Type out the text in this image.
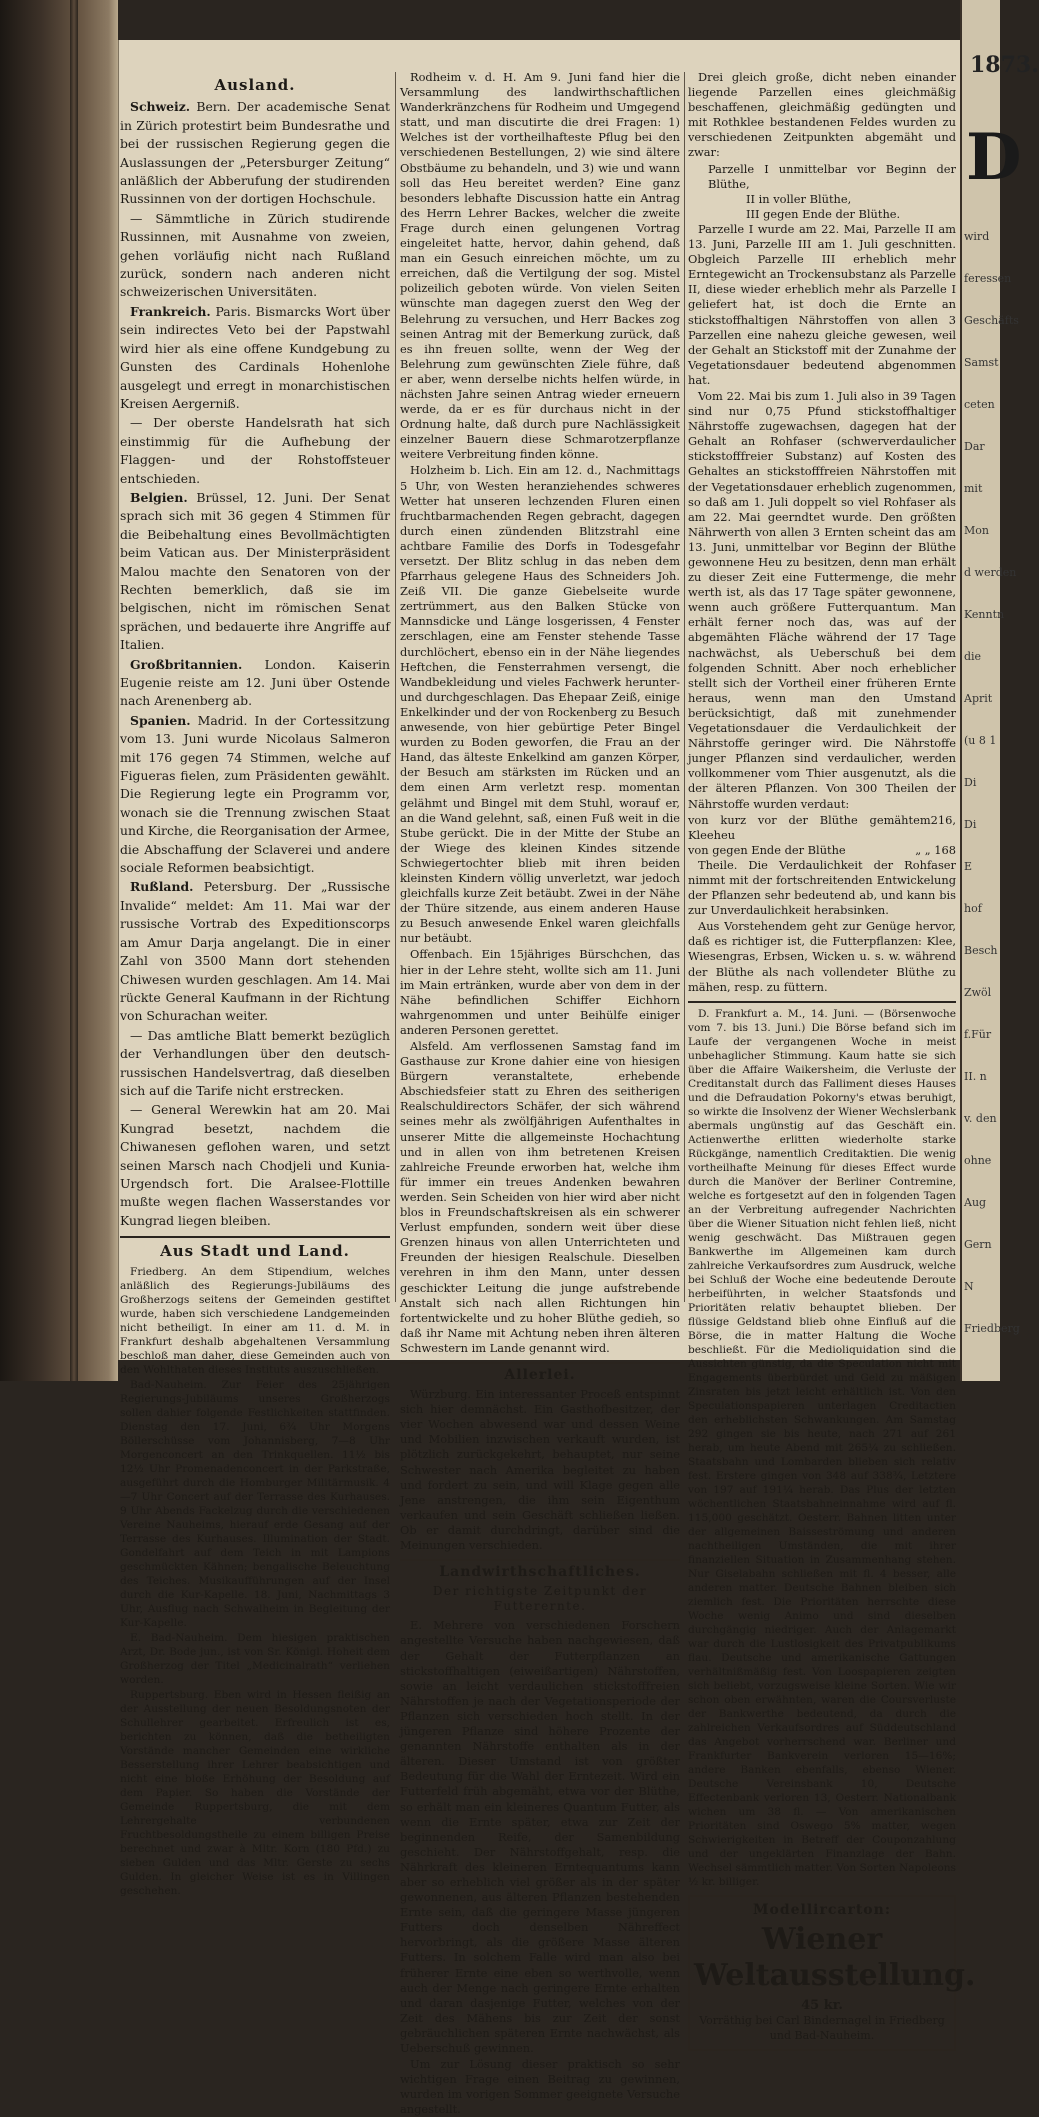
1873.
D
wird
feressen
Geschäfts
Samst
ceten
Dar
mit
Mon
d werden
Kenntn
die
Aprit
(u 8 1
Di
Di
E
hof
Besch
Zwöl
f.Für
II. n
v. den
ohne
Aug
Gern
N
Friedberg
Ausland.

Schweiz. Bern. Der academische Senat in Zürich protestirt beim Bundesrathe und bei der russischen Regierung gegen die Auslassungen der „Petersburger Zeitung“ anläßlich der Abberufung der studirenden Russinnen von der dortigen Hochschule.

— Sämmtliche in Zürich studirende Russinnen, mit Ausnahme von zweien, gehen vorläufig nicht nach Rußland zurück, sondern nach anderen nicht schweizerischen Universitäten.

Frankreich. Paris. Bismarcks Wort über sein indirectes Veto bei der Papstwahl wird hier als eine offene Kundgebung zu Gunsten des Cardinals Hohenlohe ausgelegt und erregt in monarchistischen Kreisen Aergerniß.

— Der oberste Handelsrath hat sich einstimmig für die Aufhebung der Flaggen- und der Rohstoffsteuer entschieden.

Belgien. Brüssel, 12. Juni. Der Senat sprach sich mit 36 gegen 4 Stimmen für die Beibehaltung eines Bevollmächtigten beim Vatican aus. Der Ministerpräsident Malou machte den Senatoren von der Rechten bemerklich, daß sie im belgischen, nicht im römischen Senat sprächen, und bedauerte ihre Angriffe auf Italien.

Großbritannien. London. Kaiserin Eugenie reiste am 12. Juni über Ostende nach Arenenberg ab.

Spanien. Madrid. In der Cortessitzung vom 13. Juni wurde Nicolaus Salmeron mit 176 gegen 74 Stimmen, welche auf Figueras fielen, zum Präsidenten gewählt. Die Regierung legte ein Programm vor, wonach sie die Trennung zwischen Staat und Kirche, die Reorganisation der Armee, die Abschaffung der Sclaverei und andere sociale Reformen beabsichtigt.

Rußland. Petersburg. Der „Russische Invalide“ meldet: Am 11. Mai war der russische Vortrab des Expeditionscorps am Amur Darja angelangt. Die in einer Zahl von 3500 Mann dort stehenden Chiwesen wurden geschlagen. Am 14. Mai rückte General Kaufmann in der Richtung von Schurachan weiter.

— Das amtliche Blatt bemerkt bezüglich der Verhandlungen über den deutsch-russischen Handelsvertrag, daß dieselben sich auf die Tarife nicht erstrecken.

— General Werewkin hat am 20. Mai Kungrad besetzt, nachdem die Chiwanesen geflohen waren, und setzt seinen Marsch nach Chodjeli und Kunia-Urgendsch fort. Die Aralsee-Flottille mußte wegen flachen Wasserstandes vor Kungrad liegen bleiben.

Aus Stadt und Land.

Friedberg. An dem Stipendium, welches anläßlich des Regierungs-Jubiläums des Großherzogs seitens der Gemeinden gestiftet wurde, haben sich verschiedene Landgemeinden nicht betheiligt. In einer am 11. d. M. in Frankfurt deshalb abgehaltenen Versammlung beschloß man daher, diese Gemeinden auch von den Wohlthaten dieses Instituts auszuschließen.

Bad-Nauheim. Zur Feier des 25jährigen Regierungs-Jubiläums unseres Großherzogs sollen dahier folgende Festlichkeiten stattfinden. Dienstag den 17. Juni, 6¾ Uhr Morgens Böllerschüsse vom Johannisberg, 7—8 Uhr Morgenconcert an den Trinkquellen. 11½ bis 12½ Uhr Promenadenconcert in der Parkstraße, ausgeführt durch die Homburger Militärmusik. 4—7 Uhr Concert auf der Terrasse des Kurhauses. 9 Uhr Abends Fackelzug durch die verschiedenen Vereine Nauheims, hierauf erde Gesang auf der Terrasse des Kurhauses. Illumination der Stadt. Gondelfahrt auf dem Teich in mit Lampions geschmückten Kähnen; bengalische Beleuchtung des Teiches. Musikaufführungen auf der Insel durch die Kur-Kapelle. 18. Juni, Nachmittags 3 Uhr, Ausflug nach Schwalheim in Begleitung der Kur-Kapelle.

E. Bad-Nauheim. Dem hiesigen praktischen Arzt, Dr. Bode jun., ist von Sr. Königl. Hoheit dem Großherzog der Titel „Medicinalrath“ verliehen worden.

Ruppertsburg. Eben wird in Hessen fleißig an der Ausstellung der neuen Besoldungsnoten der Schullehrer gearbeitet. Erfreulich ist es, berichten zu können, daß die betheiligten Vorstände mancher Gemeinden eine wirkliche Besserstellung ihrer Lehrer beabsichtigen und nicht eine bloße Erhöhung der Besoldung auf dem Papier. So haben die Vorstände der Gemeinde Ruppertsburg, die mit dem Lehrergehalte verbundenen Fruchtbesoldungstheile zu einem billigen Preise berechnet und zwar à Mltr. Korn (180 Pfd.) zu sieben Gulden und das Mltr. Gerste zu sechs Gulden. In gleicher Weise ist es in Villingen geschehen.

Rodheim v. d. H. Am 9. Juni fand hier die Versammlung des landwirthschaftlichen Wanderkränzchens für Rodheim und Umgegend statt, und man discutirte die drei Fragen: 1) Welches ist der vortheilhafteste Pflug bei den verschiedenen Bestellungen, 2) wie sind ältere Obstbäume zu behandeln, und 3) wie und wann soll das Heu bereitet werden? Eine ganz besonders lebhafte Discussion hatte ein Antrag des Herrn Lehrer Backes, welcher die zweite Frage durch einen gelungenen Vortrag eingeleitet hatte, hervor, dahin gehend, daß man ein Gesuch einreichen möchte, um zu erreichen, daß die Vertilgung der sog. Mistel polizeilich geboten würde. Von vielen Seiten wünschte man dagegen zuerst den Weg der Belehrung zu versuchen, und Herr Backes zog seinen Antrag mit der Bemerkung zurück, daß es ihn freuen sollte, wenn der Weg der Belehrung zum gewünschten Ziele führe, daß er aber, wenn derselbe nichts helfen würde, in nächsten Jahre seinen Antrag wieder erneuern werde, da er es für durchaus nicht in der Ordnung halte, daß durch pure Nachlässigkeit einzelner Bauern diese Schmarotzerpflanze weitere Verbreitung finden könne.

Holzheim b. Lich. Ein am 12. d., Nachmittags 5 Uhr, von Westen heranziehendes schweres Wetter hat unseren lechzenden Fluren einen fruchtbarmachenden Regen gebracht, dagegen durch einen zündenden Blitzstrahl eine achtbare Familie des Dorfs in Todesgefahr versetzt. Der Blitz schlug in das neben dem Pfarrhaus gelegene Haus des Schneiders Joh. Zeiß VII. Die ganze Giebelseite wurde zertrümmert, aus den Balken Stücke von Mannsdicke und Länge losgerissen, 4 Fenster zerschlagen, eine am Fenster stehende Tasse durchlöchert, ebenso ein in der Nähe liegendes Heftchen, die Fensterrahmen versengt, die Wandbekleidung und vieles Fachwerk herunter- und durchgeschlagen. Das Ehepaar Zeiß, einige Enkelkinder und der von Rockenberg zu Besuch anwesende, von hier gebürtige Peter Bingel wurden zu Boden geworfen, die Frau an der Hand, das älteste Enkelkind am ganzen Körper, der Besuch am stärksten im Rücken und an dem einen Arm verletzt resp. momentan gelähmt und Bingel mit dem Stuhl, worauf er, an die Wand gelehnt, saß, einen Fuß weit in die Stube gerückt. Die in der Mitte der Stube an der Wiege des kleinen Kindes sitzende Schwiegertochter blieb mit ihren beiden kleinsten Kindern völlig unverletzt, war jedoch gleichfalls kurze Zeit betäubt. Zwei in der Nähe der Thüre sitzende, aus einem anderen Hause zu Besuch anwesende Enkel waren gleichfalls nur betäubt.

Offenbach. Ein 15jähriges Bürschchen, das hier in der Lehre steht, wollte sich am 11. Juni im Main ertränken, wurde aber von dem in der Nähe befindlichen Schiffer Eichhorn wahrgenommen und unter Beihülfe einiger anderen Personen gerettet.

Alsfeld. Am verflossenen Samstag fand im Gasthause zur Krone dahier eine von hiesigen Bürgern veranstaltete, erhebende Abschiedsfeier statt zu Ehren des seitherigen Realschuldirectors Schäfer, der sich während seines mehr als zwölfjährigen Aufenthaltes in unserer Mitte die allgemeinste Hochachtung und in allen von ihm betretenen Kreisen zahlreiche Freunde erworben hat, welche ihm für immer ein treues Andenken bewahren werden. Sein Scheiden von hier wird aber nicht blos in Freundschaftskreisen als ein schwerer Verlust empfunden, sondern weit über diese Grenzen hinaus von allen Unterrichteten und Freunden der hiesigen Realschule. Dieselben verehren in ihm den Mann, unter dessen geschickter Leitung die junge aufstrebende Anstalt sich nach allen Richtungen hin fortentwickelte und zu hoher Blüthe gedieh, so daß ihr Name mit Achtung neben ihren älteren Schwestern im Lande genannt wird.

Allerlei.

Würzburg. Ein interessanter Proceß entspinnt sich hier demnächst. Ein Gasthofbesitzer, der vier Wochen abwesend war und dessen Weine und Mobilien inzwischen verkauft wurden, ist plötzlich zurückgekehrt, behauptet, nur seine Schwester nach Amerika begleitet zu haben und fordert zu sein, und will Klage gegen alle Jene anstrengen, die ihm sein Eigenthum verkaufen und sein Geschäft schließen ließen. Ob er damit durchdringt, darüber sind die Meinungen verschieden.

Landwirthschaftliches.
Der richtigste Zeitpunkt der Futterernte.

E. Mehrere von verschiedenen Forschern angestellte Versuche haben nachgewiesen, daß der Gehalt der Futterpflanzen an stickstoffhaltigen (eiweißartigen) Nährstoffen, sowie an leicht verdaulichen stickstofffreien Nährstoffen je nach der Vegetationsperiode der Pflanzen sich verschieden hoch stellt. In der jüngeren Pflanze sind höhere Prozente der genannten Nährstoffe enthalten als in der älteren. Dieser Umstand ist von größter Bedeutung für die Wahl der Erntezeit. Wird ein Futterfeld früh abgemäht, etwa vor der Blüthe, so erhält man ein kleineres Quantum Futter, als wenn die Ernte später, etwa zur Zeit der beginnenden Reife, der Samenbildung geschieht. Der Nährstoffgehalt, resp. die Nährkraft des kleineren Erntequantums kann aber so erheblich viel größer als in der später gewonnenen, aus älteren Pflanzen bestehenden Ernte sein, daß die geringere Masse jüngeren Futters doch denselben Nähreffect hervorbringt, als die größere Masse älteren Futters. In solchem Falle wird man also bei früherer Ernte eine eben so werthvolle, wenn auch der Menge nach geringere Ernte erhalten und daran dasjenige Futter, welches von der Zeit des Mähens bis zur Zeit der sonst gebräuchlichen späteren Ernte nachwächst, als Ueberschuß gewinnen.

Um zur Lösung dieser praktisch so sehr wichtigen Frage einen Beitrag zu gewinnen, wurden im vorigen Sommer geeignete Versuche angestellt.

Drei gleich große, dicht neben einander liegende Parzellen eines gleichmäßig beschaffenen, gleichmäßig gedüngten und mit Rothklee bestandenen Feldes wurden zu verschiedenen Zeitpunkten abgemäht und zwar:

Parzelle I unmittelbar vor Beginn der Blüthe,

II in voller Blüthe,

III gegen Ende der Blüthe.

Parzelle I wurde am 22. Mai, Parzelle II am 13. Juni, Parzelle III am 1. Juli geschnitten. Obgleich Parzelle III erheblich mehr Erntegewicht an Trockensubstanz als Parzelle II, diese wieder erheblich mehr als Parzelle I geliefert hat, ist doch die Ernte an stickstoffhaltigen Nährstoffen von allen 3 Parzellen eine nahezu gleiche gewesen, weil der Gehalt an Stickstoff mit der Zunahme der Vegetationsdauer bedeutend abgenommen hat.

Vom 22. Mai bis zum 1. Juli also in 39 Tagen sind nur 0,75 Pfund stickstoffhaltiger Nährstoffe zugewachsen, dagegen hat der Gehalt an Rohfaser (schwerverdaulicher stickstofffreier Substanz) auf Kosten des Gehaltes an stickstofffreien Nährstoffen mit der Vegetationsdauer erheblich zugenommen, so daß am 1. Juli doppelt so viel Rohfaser als am 22. Mai geerndtet wurde. Den größten Nährwerth von allen 3 Ernten scheint das am 13. Juni, unmittelbar vor Beginn der Blüthe gewonnene Heu zu besitzen, denn man erhält zu dieser Zeit eine Futtermenge, die mehr werth ist, als das 17 Tage später gewonnene, wenn auch größere Futterquantum. Man erhält ferner noch das, was auf der abgemähten Fläche während der 17 Tage nachwächst, als Ueberschuß bei dem folgenden Schnitt. Aber noch erheblicher stellt sich der Vortheil einer früheren Ernte heraus, wenn man den Umstand berücksichtigt, daß mit zunehmender Vegetationsdauer die Verdaulichkeit der Nährstoffe geringer wird. Die Nährstoffe junger Pflanzen sind verdaulicher, werden vollkommener vom Thier ausgenutzt, als die der älteren Pflanzen. Von 300 Theilen der Nährstoffe wurden verdaut:

von kurz vor der Blüthe gemähtem Kleeheu
216,
von gegen Ende der Blüthe	„ „ 168

Theile. Die Verdaulichkeit der Rohfaser nimmt mit der fortschreitenden Entwickelung der Pflanzen sehr bedeutend ab, und kann bis zur Unverdaulichkeit herabsinken.

Aus Vorstehendem geht zur Genüge hervor, daß es richtiger ist, die Futterpflanzen: Klee, Wiesengras, Erbsen, Wicken u. s. w. während der Blüthe als nach vollendeter Blüthe zu mähen, resp. zu füttern.

D. Frankfurt a. M., 14. Juni. — (Börsenwoche vom 7. bis 13. Juni.) Die Börse befand sich im Laufe der vergangenen Woche in meist unbehaglicher Stimmung. Kaum hatte sie sich über die Affaire Waikersheim, die Verluste der Creditanstalt durch das Falliment dieses Hauses und die Defraudation Pokorny's etwas beruhigt, so wirkte die Insolvenz der Wiener Wechslerbank abermals ungünstig auf das Geschäft ein. Actienwerthe erlitten wiederholte starke Rückgänge, namentlich Creditaktien. Die wenig vortheilhafte Meinung für dieses Effect wurde durch die Manöver der Berliner Contremine, welche es fortgesetzt auf den in folgenden Tagen an der Verbreitung aufregender Nachrichten über die Wiener Situation nicht fehlen ließ, nicht wenig geschwächt. Das Mißtrauen gegen Bankwerthe im Allgemeinen kam durch zahlreiche Verkaufsordres zum Ausdruck, welche bei Schluß der Woche eine bedeutende Deroute herbeiführten, in welcher Staatsfonds und Prioritäten relativ behauptet blieben. Der flüssige Geldstand blieb ohne Einfluß auf die Börse, die in matter Haltung die Woche beschließt. Für die Medioliquidation sind die Aussichten günstig, da die Speculation nicht mit Engagements überbürdet und Geld zu mäßigen Zinsraten bis jetzt leicht erhältlich ist. Von den Speculationspapieren unterlagen Creditactien den erheblichsten Schwankungen. Am Samstag 292 gingen sie bis heute, nach 271 auf 261 herab, um heute Abend mit 265¼ zu schließen. Staatsbahn und Lombarden blieben sich relativ fest. Erstere gingen von 348 auf 338¾, Letztere von 197 auf 191¼ herab. Das Plus der letzten wöchentlichen Staatsbahneinnahme wird auf fl. 115,000 geschätzt. Oesterr. Bahnen litten unter der allgemeinen Baisseströmung und anderen nachtheiligen Umständen, die mit ihrer finanziellen Situation in Zusammenhang stehen. Nur Giselabahn schließen mit fl. 4 besser, alle anderen matter. Deutsche Bahnen bleiben sich ziemlich fest. Die Prioritäten herrschte diese Woche wenig Animo und sind dieselben durchgängig niedriger. Auch der Anlagemarkt war durch die Lustlosigkeit des Privatpublikums flau. Deutsche und amerikanische Gattungen verhältnißmäßig fest. Von Loospapieren zeigten sich beliebt, vorzugsweise kleine Sorten. Wie wir schon oben erwähnten, waren die Coursverluste der Bankwerthe bedeutend, da durch die zahlreichen Verkaufsordres auf Süddeutschland das Angebot vorherrschend war. Berliner und Frankfurter Bankverein verloren 15—16%; andere Banken ebenfalls, ebenso Wiener. Deutsche Vereinsbank 10, Deutsche Effectenbank verloren 13, Oesterr. Nationalbank wichen um 38 fl. — Von amerikanischen Prioritäten sind Oswego 5% matter, wegen Schwierigkeiten in Betreff der Couponzahlung und der ungeklärten Finanzlage der Bahn. Wechsel sämmtlich matter. Von Sorten Napoleons ½ kr. billiger.

Modellircarton:
Wiener Weltausstellung.
45 kr.
Vorräthig bei Carl Bindernagel in Friedberg
und Bad-Nauheim.
